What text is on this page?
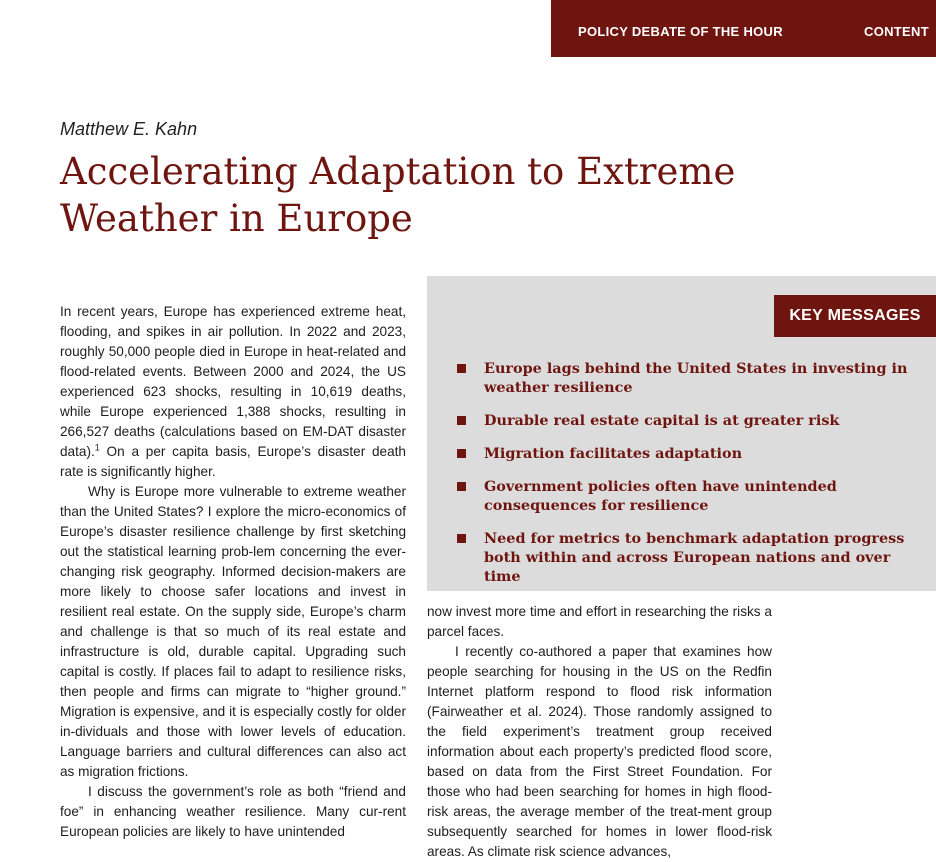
POLICY DEBATE OF THE HOUR	CONTENT
Matthew E. Kahn
Accelerating Adaptation to Extreme Weather in Europe

In recent years, Europe has experienced extreme heat, flooding, and spikes in air pollution. In 2022 and 2023, roughly 50,000 people died in Europe in heat-related and flood-related events. Between 2000 and 2024, the US experienced 623 shocks, resulting in 10,619 deaths, while Europe experienced 1,388 shocks, resulting in 266,527 deaths (calculations based on EM-DAT disaster data).$^1$ On a per capita basis, Europe’s disaster death rate is significantly higher.

Why is Europe more vulnerable to extreme weather than the United States? I explore the micro-economics of Europe’s disaster resilience challenge by first sketching out the statistical learning prob-lem concerning the ever-changing risk geography. Informed decision-makers are more likely to choose safer locations and invest in resilient real estate. On the supply side, Europe’s charm and challenge is that so much of its real estate and infrastructure is old, durable capital. Upgrading such capital is costly. If places fail to adapt to resilience risks, then people and firms can migrate to “higher ground.” Migration is expensive, and it is especially costly for older in-dividuals and those with lower levels of education. Language barriers and cultural differences can also act as migration frictions.

I discuss the government’s role as both “friend and foe” in enhancing weather resilience. Many cur-rent European policies are likely to have unintended

KEY MESSAGES
Europe lags behind the United States in investing in weather resilience
Durable real estate capital is at greater risk
Migration facilitates adaptation
Government policies often have unintended consequences for resilience
Need for metrics to benchmark adaptation progress both within and across European nations and over time

now invest more time and effort in researching the risks a parcel faces.

I recently co-authored a paper that examines how people searching for housing in the US on the Redfin Internet platform respond to flood risk information (Fairweather et al. 2024). Those randomly assigned to the field experiment’s treatment group received information about each property’s predicted flood score, based on data from the First Street Foundation. For those who had been searching for homes in high flood-risk areas, the average member of the treat-ment group subsequently searched for homes in lower flood-risk areas. As climate risk science advances,
